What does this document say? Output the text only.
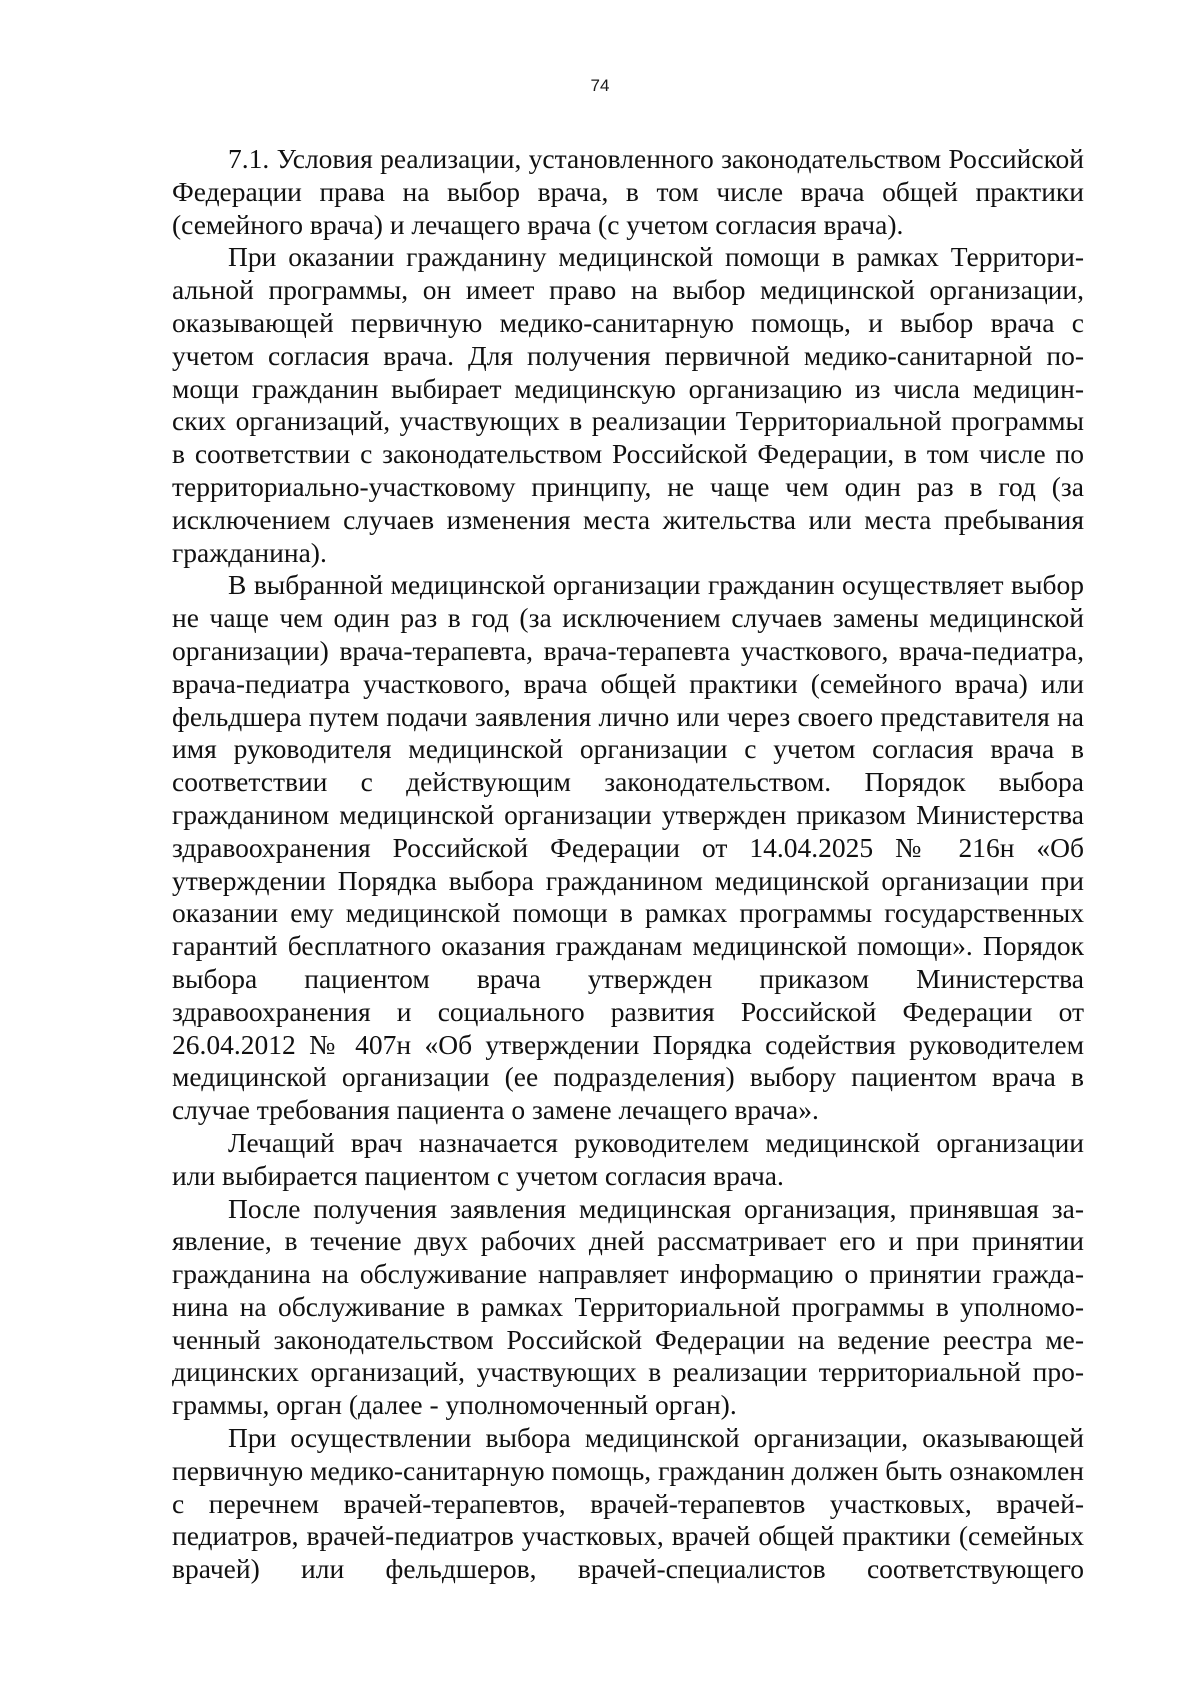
74

7.1. Условия реализации, установленного законодательством Российской Федерации права на выбор врача, в том числе врача общей практики (семейного врача) и лечащего врача (с учетом согласия врача).

При оказании гражданину медицинской помощи в рамках Территориальной программы, он имеет право на выбор медицинской организации, оказывающей первичную медико-санитарную помощь, и выбор врача с учетом согласия врача. Для получения первичной медико-санитарной помощи гражданин выбирает медицинскую организацию из числа медицинских организаций, участвующих в реализации Территориальной программы в соответствии с законодательством Российской Федерации, в том числе по территориально-участковому принципу, не чаще чем один раз в год (за исключением случаев изменения места жительства или места пребывания гражданина).

В выбранной медицинской организации гражданин осуществляет выбор не чаще чем один раз в год (за исключением случаев замены медицинской организации) врача-терапевта, врача-терапевта участкового, врача-педиатра, врача-педиатра участкового, врача общей практики (семейного врача) или фельдшера путем подачи заявления лично или через своего представителя на имя руководителя медицинской организации с учетом согласия врача в соответствии с действующим законодательством. Порядок выбора гражданином медицинской организации утвержден приказом Министерства здравоохранения Российской Федерации от 14.04.2025 № 216н «Об утверждении Порядка выбора гражданином медицинской организации при оказании ему медицинской помощи в рамках программы государственных гарантий бесплатного оказания гражданам медицинской помощи». Порядок выбора пациентом врача утвержден приказом Министерства здравоохранения и социального развития Российской Федерации от 26.04.2012 № 407н «Об утверждении Порядка содействия руководителем медицинской организации (ее подразделения) выбору пациентом врача в случае требования пациента о замене лечащего врача».

Лечащий врач назначается руководителем медицинской организации или выбирается пациентом с учетом согласия врача.

После получения заявления медицинская организация, принявшая заявление, в течение двух рабочих дней рассматривает его и при принятии гражданина на обслуживание направляет информацию о принятии гражданина на обслуживание в рамках Территориальной программы в уполномоченный законодательством Российской Федерации на ведение реестра медицинских организаций, участвующих в реализации территориальной программы, орган (далее - уполномоченный орган).

При осуществлении выбора медицинской организации, оказывающей первичную медико-санитарную помощь, гражданин должен быть ознакомлен с перечнем врачей-терапевтов, врачей-терапевтов участковых, врачей-педиатров, врачей-педиатров участковых, врачей общей практики (семейных врачей) или фельдшеров, врачей-специалистов соответствующего
